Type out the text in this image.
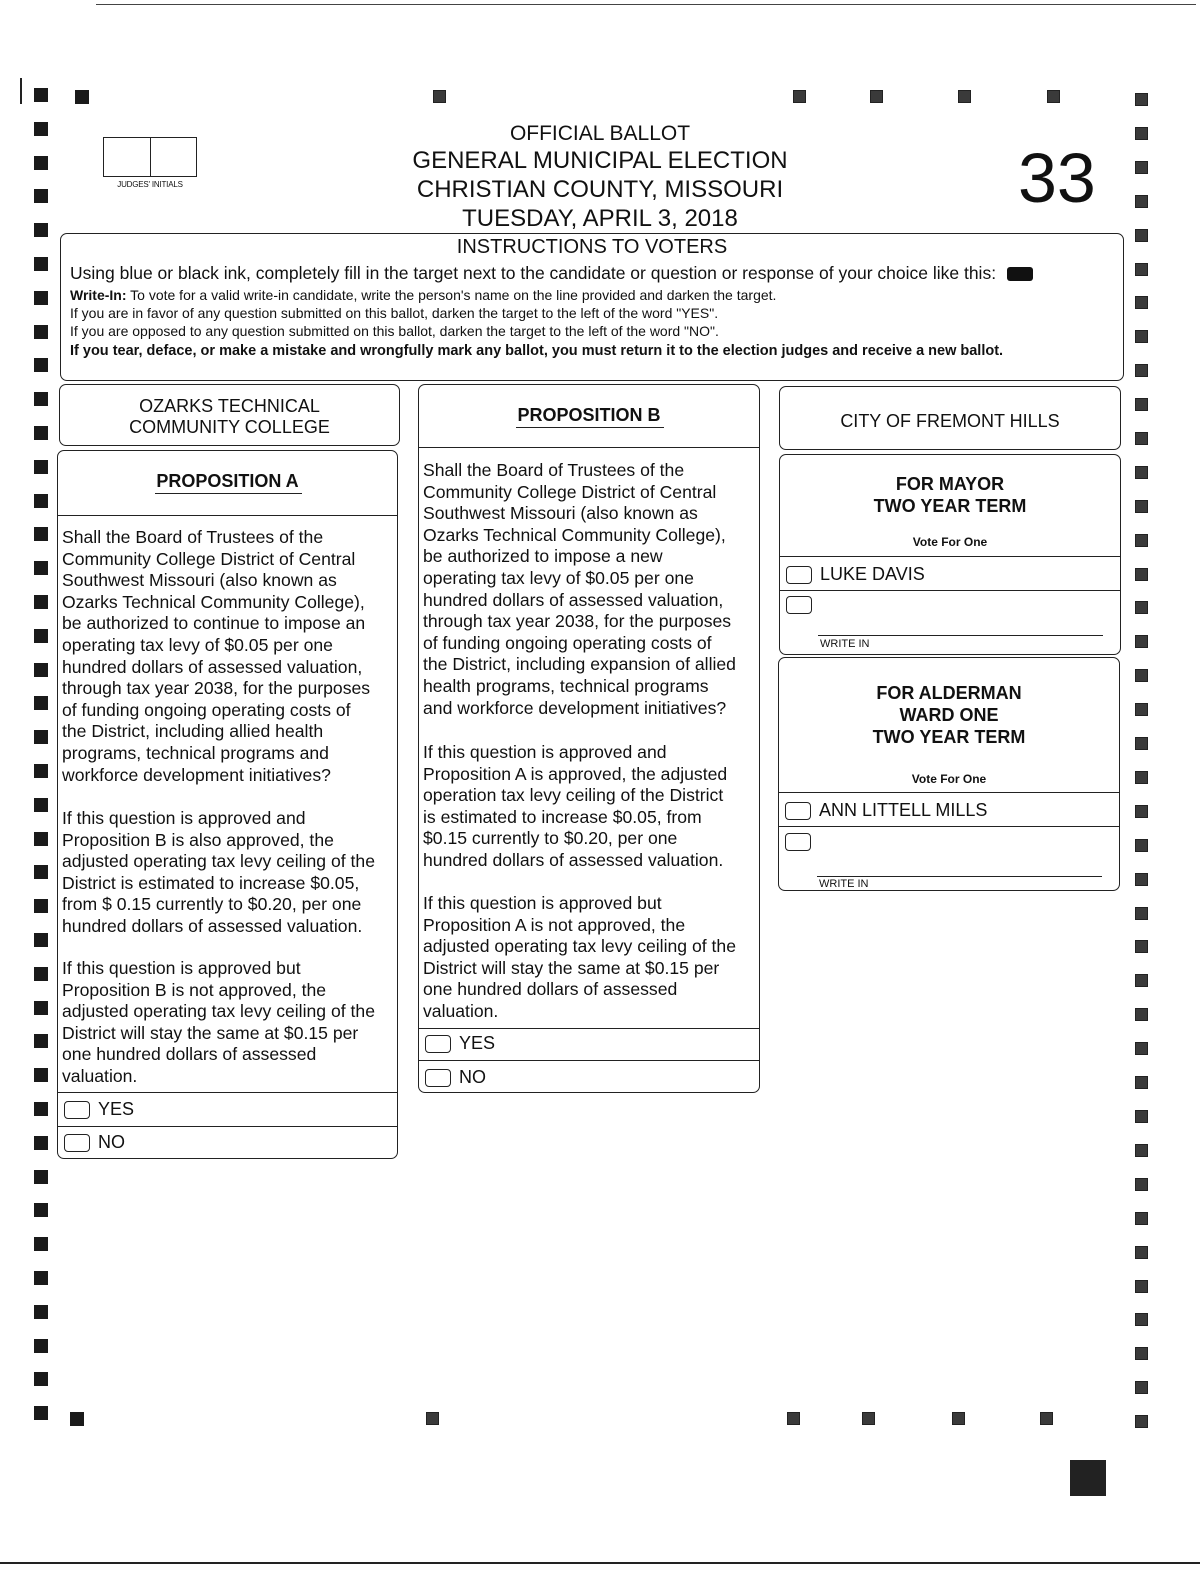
OFFICIAL BALLOT
GENERAL MUNICIPAL ELECTION
CHRISTIAN COUNTY, MISSOURI
TUESDAY, APRIL 3, 2018
JUDGES' INITIALS	33
INSTRUCTIONS TO VOTERS
Using blue or black ink, completely fill in the target next to the candidate or question or response of your choice like this:
Write-In: To vote for a valid write-in candidate, write the person's name on the line provided and darken the target.
If you are in favor of any question submitted on this ballot, darken the target to the left of the word "YES".
If you are opposed to any question submitted on this ballot, darken the target to the left of the word "NO".
If you tear, deface, or make a mistake and wrongfully mark any ballot, you must return it to the election judges and receive a new ballot.
OZARKS TECHNICAL
COMMUNITY COLLEGE
PROPOSITION A
Shall the Board of Trustees of the
Community College District of Central
Southwest Missouri (also known as
Ozarks Technical Community College),
be authorized to continue to impose an
operating tax levy of $0.05 per one
hundred dollars of assessed valuation,
through tax year 2038, for the purposes
of funding ongoing operating costs of
the District, including allied health
programs, technical programs and
workforce development initiatives?
If this question is approved and
Proposition B is also approved, the
adjusted operating tax levy ceiling of the
District is estimated to increase $0.05,
from $ 0.15 currently to $0.20, per one
hundred dollars of assessed valuation.
If this question is approved but
Proposition B is not approved, the
adjusted operating tax levy ceiling of the
District will stay the same at $0.15 per
one hundred dollars of assessed
valuation.
YES
NO
PROPOSITION B
Shall the Board of Trustees of the
Community College District of Central
Southwest Missouri (also known as
Ozarks Technical Community College),
be authorized to impose a new
operating tax levy of $0.05 per one
hundred dollars of assessed valuation,
through tax year 2038, for the purposes
of funding ongoing operating costs of
the District, including expansion of allied
health programs, technical programs
and workforce development initiatives?
If this question is approved and
Proposition A is approved, the adjusted
operation tax levy ceiling of the District
is estimated to increase $0.05, from
$0.15 currently to $0.20, per one
hundred dollars of assessed valuation.
If this question is approved but
Proposition A is not approved, the
adjusted operating tax levy ceiling of the
District will stay the same at $0.15 per
one hundred dollars of assessed
valuation.
YES
NO
CITY OF FREMONT HILLS
FOR MAYOR
TWO YEAR TERM
Vote For One
LUKE DAVIS
WRITE IN
FOR ALDERMAN
WARD ONE
TWO YEAR TERM
Vote For One
ANN LITTELL MILLS
WRITE IN
